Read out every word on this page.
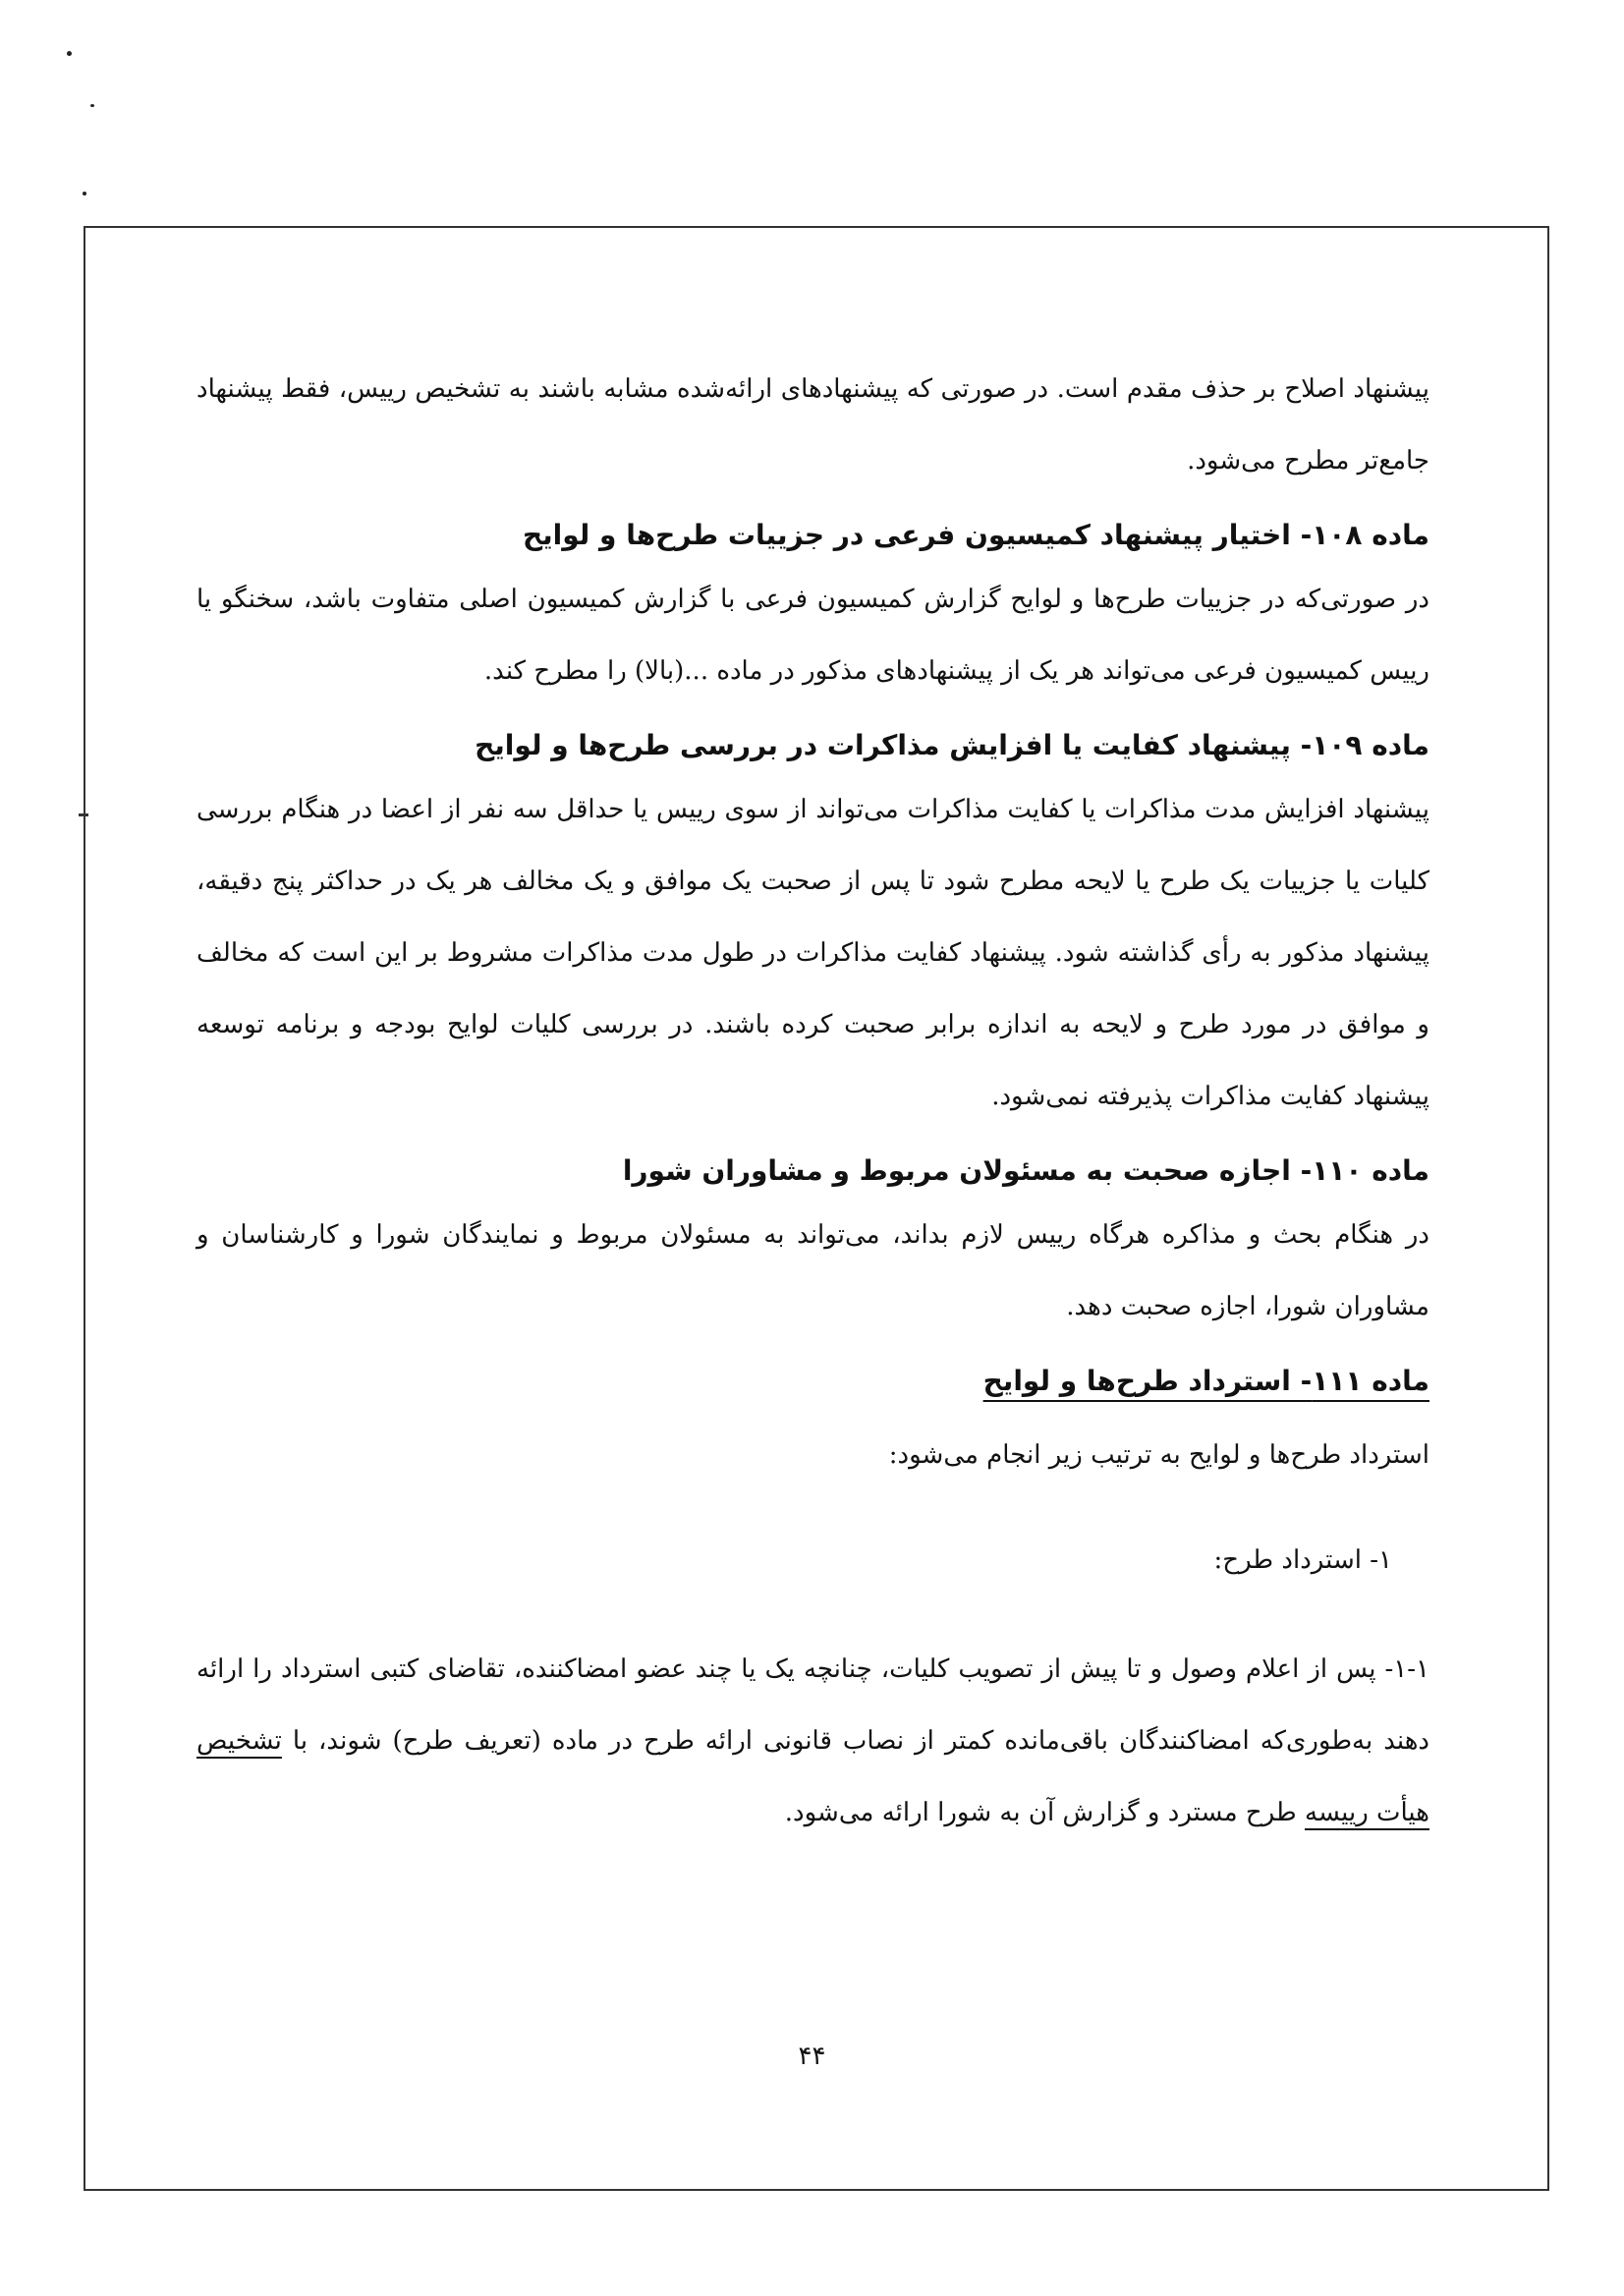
پیشنهاد اصلاح بر حذف مقدم است. در صورتی که پیشنهادهای ارائه‌شده مشابه باشند به تشخیص رییس، فقط پیشنهاد جامع‌تر مطرح می‌شود.

ماده ۱۰۸- اختیار پیشنهاد کمیسیون فرعی در جزییات طرح‌ها و لوایح

در صورتی‌که در جزییات طرح‌ها و لوایح گزارش کمیسیون فرعی با گزارش کمیسیون اصلی متفاوت باشد، سخنگو یا رییس کمیسیون فرعی می‌تواند هر یک از پیشنهادهای مذکور در ماده ...(بالا) را مطرح کند.

ماده ۱۰۹- پیشنهاد کفایت یا افزایش مذاکرات در بررسی طرح‌ها و لوایح

پیشنهاد افزایش مدت مذاکرات یا کفایت مذاکرات می‌تواند از سوی رییس یا حداقل سه نفر از اعضا در هنگام بررسی کلیات یا جزییات یک طرح یا لایحه مطرح شود تا پس از صحبت یک موافق و یک مخالف هر یک در حداکثر پنج دقیقه، پیشنهاد مذکور به رأی گذاشته شود. پیشنهاد کفایت مذاکرات در طول مدت مذاکرات مشروط بر این است که مخالف و موافق در مورد طرح و لایحه به اندازه برابر صحبت کرده باشند. در بررسی کلیات لوایح بودجه و برنامه توسعه پیشنهاد کفایت مذاکرات پذیرفته نمی‌شود.

ماده ۱۱۰- اجازه صحبت به مسئولان مربوط و مشاوران شورا

در هنگام بحث و مذاکره هرگاه رییس لازم بداند، می‌تواند به مسئولان مربوط و نمایندگان شورا و کارشناسان و مشاوران شورا، اجازه صحبت دهد.

ماده ۱۱۱- استرداد طرح‌ها و لوایح

استرداد طرح‌ها و لوایح به ترتیب زیر انجام می‌شود:

۱- استرداد طرح:

۱-۱- پس از اعلام وصول و تا پیش از تصویب کلیات، چنانچه یک یا چند عضو امضاکننده، تقاضای کتبی استرداد را ارائه دهند به‌طوری‌که امضاکنندگان باقی‌مانده کمتر از نصاب قانونی ارائه طرح در ماده (تعریف طرح) شوند، با تشخیص هیأت رییسه طرح مسترد و گزارش آن به شورا ارائه می‌شود.

۴۴
